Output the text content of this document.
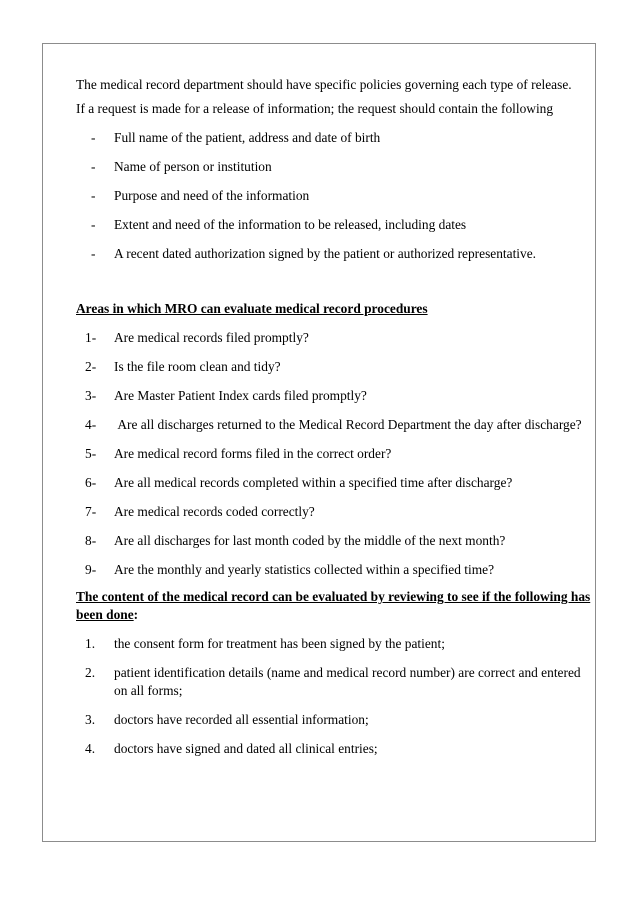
The medical record department should have specific policies governing each type of release.

If a request is made for a release of information; the request should contain the following

- Full name of the patient, address and date of birth
- Name of person or institution
- Purpose and need of the information
- Extent and need of the information to be released, including dates
- A recent dated authorization signed by the patient or authorized representative.

Areas in which MRO can evaluate medical record procedures

1- Are medical records filed promptly?
2- Is the file room clean and tidy?
3- Are Master Patient Index cards filed promptly?
4- Are all discharges returned to the Medical Record Department the day after discharge?
5- Are medical record forms filed in the correct order?
6- Are all medical records completed within a specified time after discharge?
7- Are medical records coded correctly?
8- Are all discharges for last month coded by the middle of the next month?
9- Are the monthly and yearly statistics collected within a specified time?

The content of the medical record can be evaluated by reviewing to see if the following has been done:

1. the consent form for treatment has been signed by the patient;
2. patient identification details (name and medical record number) are correct and entered on all forms;
3. doctors have recorded all essential information;
4. doctors have signed and dated all clinical entries;
